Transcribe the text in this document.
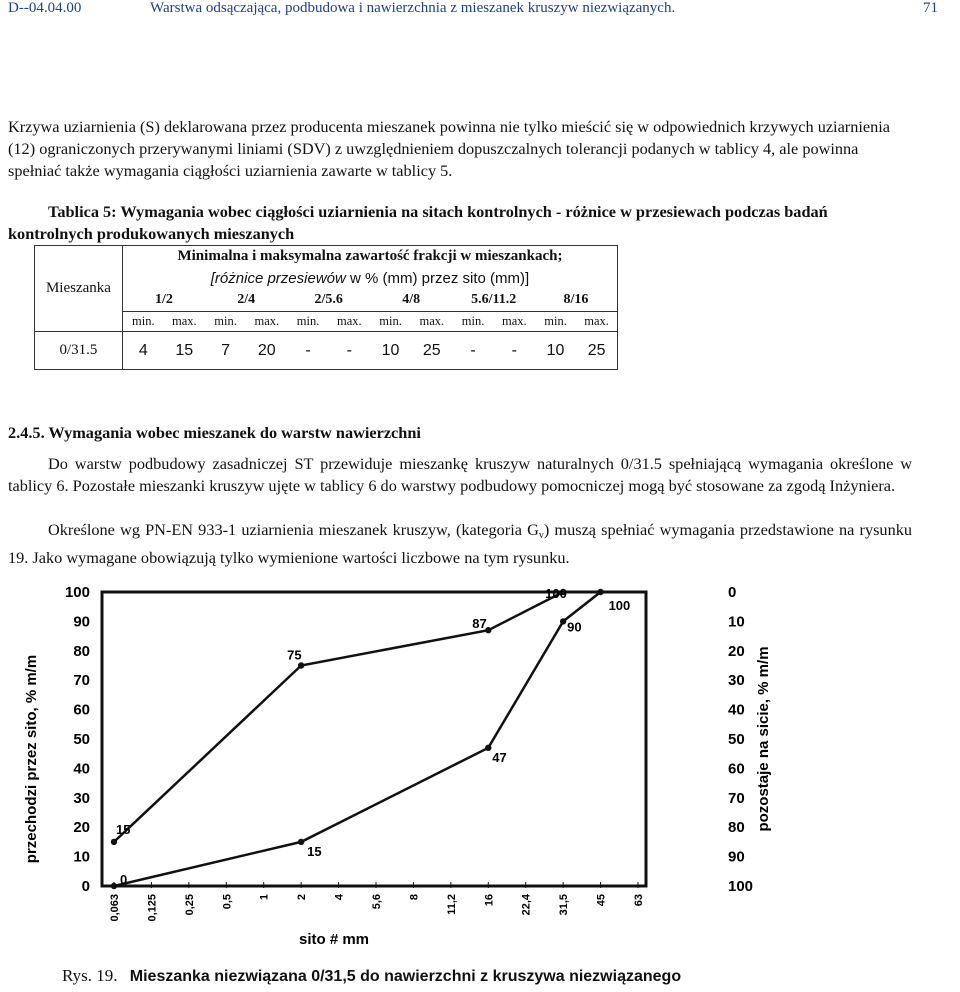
D--04.04.00	Warstwa odsączająca, podbudowa i nawierzchnia z mieszanek kruszyw niezwiązanych.	71
Krzywa uziarnienia (S) deklarowana przez producenta mieszanek powinna nie tylko mieścić się w odpowiednich krzywych uziarnienia (12) ograniczonych przerywanymi liniami (SDV) z uwzględnieniem dopuszczalnych tolerancji podanych w tablicy 4, ale powinna spełniać także wymagania ciągłości uziarnienia zawarte w tablicy 5.
Tablica 5: Wymagania wobec ciągłości uziarnienia na sitach kontrolnych - różnice w przesiewach podczas badań kontrolnych produkowanych mieszanych
Mieszanka	Minimalna i maksymalna zawartość frakcji w mieszankach;											
	[różnice przesiewów w % (mm) przez sito (mm)]											
	1/2		2/4		2/5.6		4/8		5.6/11.2		8/16	
	min.	max.	min.	max.	min.	max.	min.	max.	min.	max.	min.	max.
0/31.5	4	15	7	20	-	-	10	25	-	-	10	25
2.4.5. Wymagania wobec mieszanek do warstw nawierzchni
Do warstw podbudowy zasadniczej ST przewiduje mieszankę kruszyw naturalnych 0/31.5 spełniającą wymagania określone w tablicy 6. Pozostałe mieszanki kruszyw ujęte w tablicy 6 do warstwy podbudowy pomocniczej mogą być stosowane za zgodą Inżyniera.
Określone wg PN-EN 933-1 uziarnienia mieszanek kruszyw, (kategoria $G_v$) muszą spełniać wymagania przedstawione na rysunku 19. Jako wymagane obowiązują tylko wymienione wartości liczbowe na tym rysunku.
100
90
80
70
60
50
40
30
20
10
0
0
10
20
30
40
50
60
70
80
90
100
0,063 0,125 0,25 0,5 1 2 4 5,6 8 11,2 16 22,4 31,5 45 63
sito # mm
przechodzi przez sito, % m/m	pozostaje na sicie, % m/m
15
75
87
100
0
15
47
90
100
Rys. 19. Mieszanka niezwiązana 0/31,5 do nawierzchni z kruszywa niezwiązanego
